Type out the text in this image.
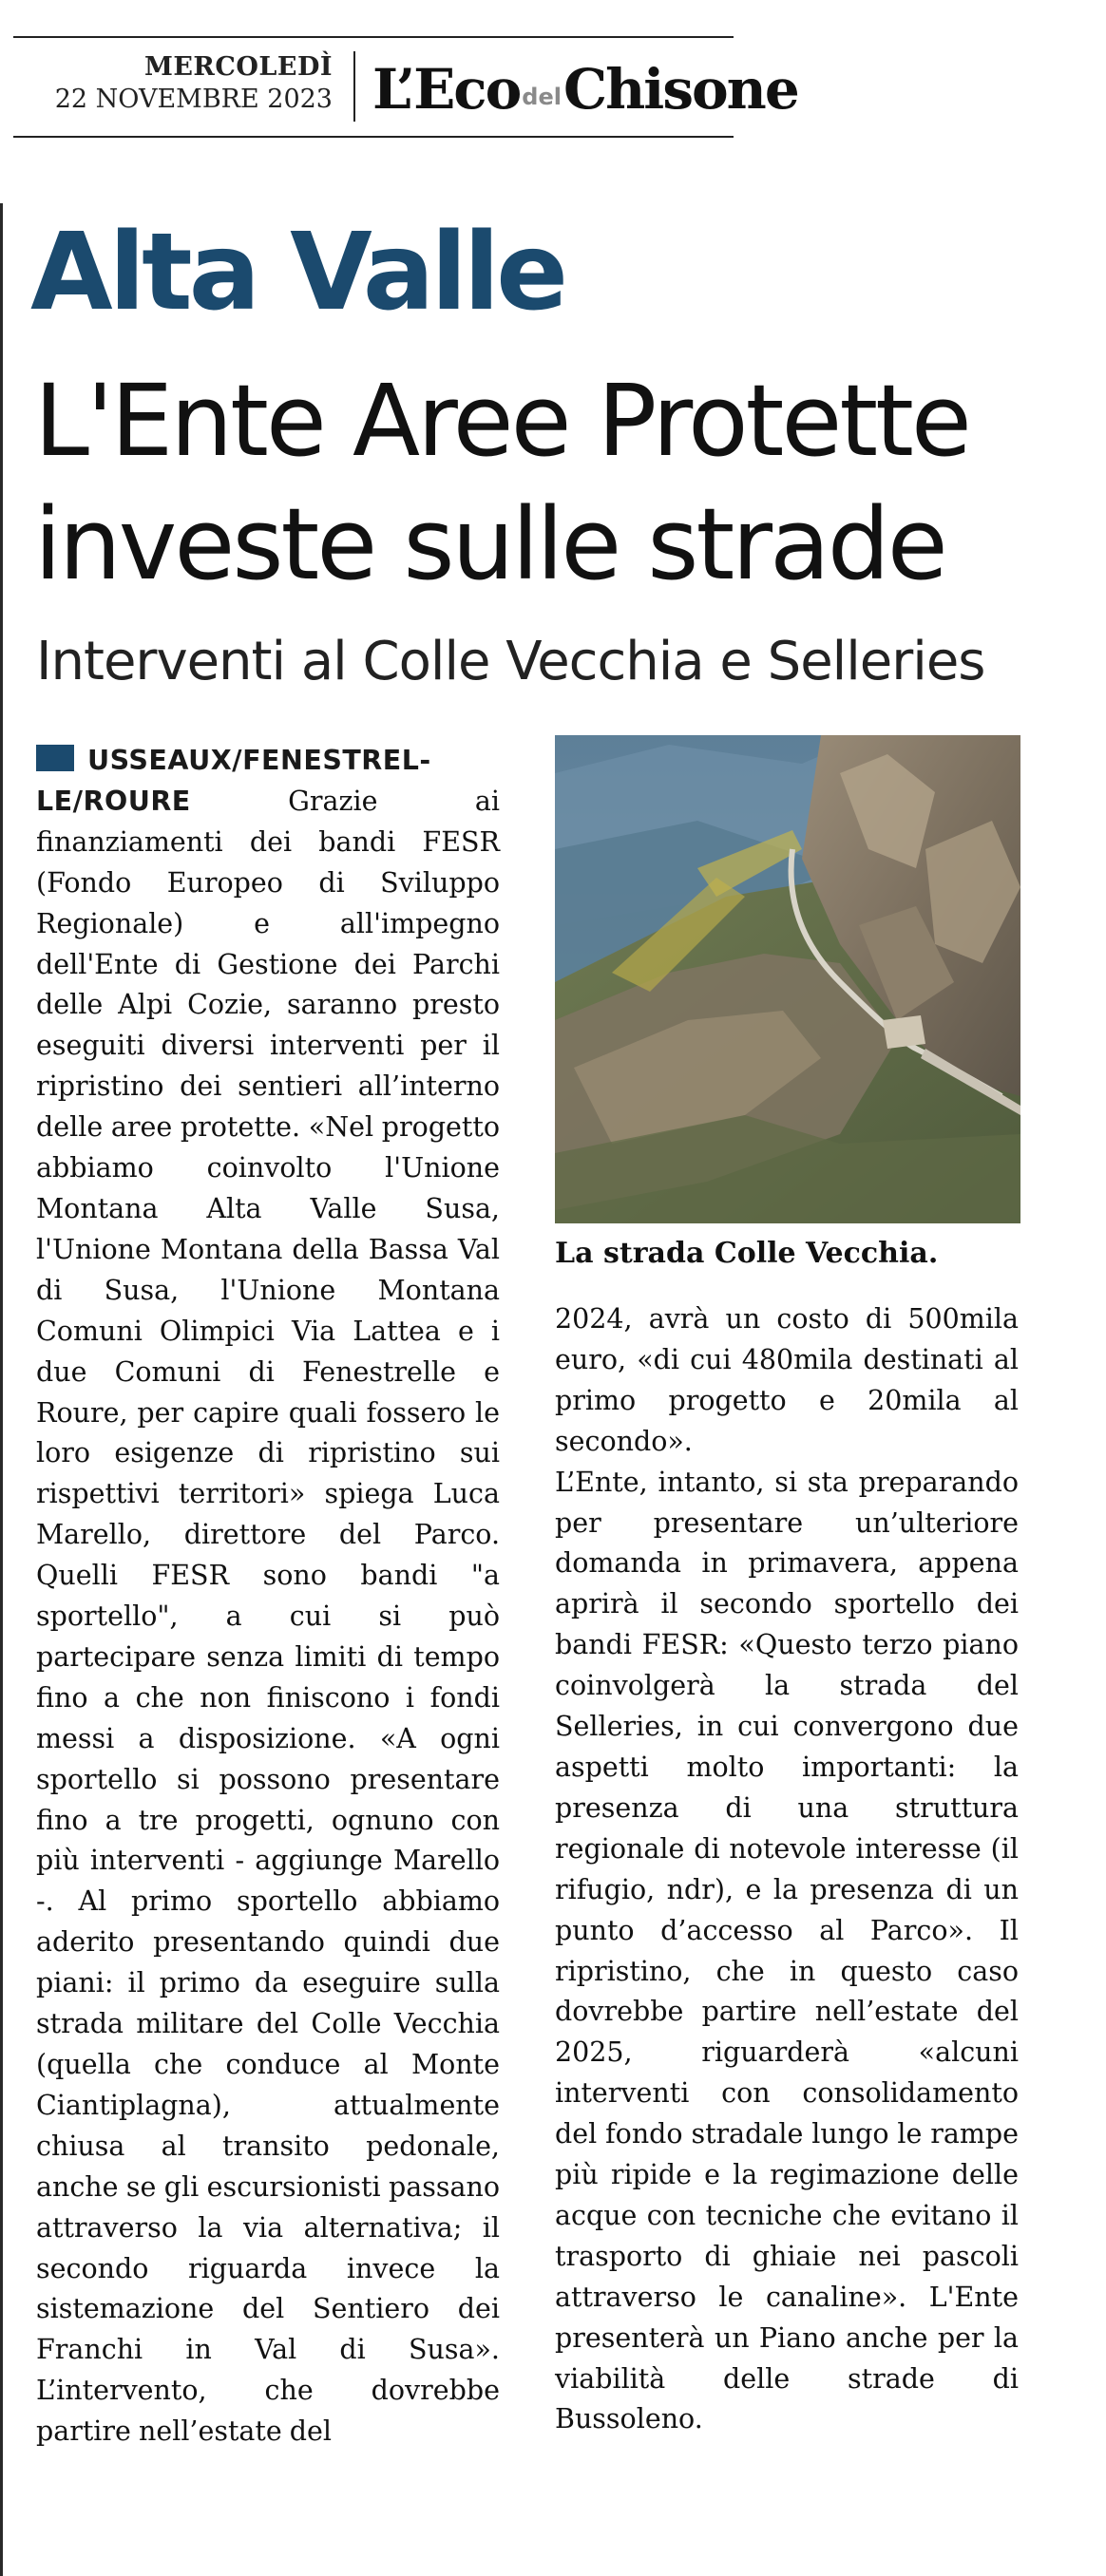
MERCOLEDÌ
22 NOVEMBRE 2023 L’EcodelChisone
Alta Valle
L'Ente Aree Protette investe sulle strade
Interventi al Colle Vecchia e Selleries

USSEAUX/FENESTRELLE/ROURE Grazie ai finanziamenti dei bandi FESR (Fondo Europeo di Sviluppo Regionale) e all'impegno dell'Ente di Gestione dei Parchi delle Alpi Cozie, saranno presto eseguiti diversi interventi per il ripristino dei sentieri all’interno delle aree protette. «Nel progetto abbiamo coinvolto l'Unione Montana Alta Valle Susa, l'Unione Montana della Bassa Val di Susa, l'Unione Montana Comuni Olimpici Via Lattea e i due Comuni di Fenestrelle e Roure, per capire quali fossero le loro esigenze di ripristino sui rispettivi territori» spiega Luca Marello, direttore del Parco. Quelli FESR sono bandi "a sportello", a cui si può partecipare senza limiti di tempo fino a che non finiscono i fondi messi a disposizione. «A ogni sportello si possono presentare fino a tre progetti, ognuno con più interventi - aggiunge Marello -. Al primo sportello abbiamo aderito presentando quindi due piani: il primo da eseguire sulla strada militare del Colle Vecchia (quella che conduce al Monte Ciantiplagna), attualmente chiusa al transito pedonale, anche se gli escursionisti passano attraverso la via alternativa; il secondo riguarda invece la sistemazione del Sentiero dei Franchi in Val di Susa». L’intervento, che dovrebbe partire nell’estate del

La strada Colle Vecchia.

2024, avrà un costo di 500mila euro, «di cui 480mila destinati al primo progetto e 20mila al secondo».

L’Ente, intanto, si sta preparando per presentare un’ulteriore domanda in primavera, appena aprirà il secondo sportello dei bandi FESR: «Questo terzo piano coinvolgerà la strada del Selleries, in cui convergono due aspetti molto importanti: la presenza di una struttura regionale di notevole interesse (il rifugio, ndr), e la presenza di un punto d’accesso al Parco». Il ripristino, che in questo caso dovrebbe partire nell’estate del 2025, riguarderà «alcuni interventi con consolidamento del fondo stradale lungo le rampe più ripide e la regimazione delle acque con tecniche che evitano il trasporto di ghiaie nei pascoli attraverso le canaline». L'Ente presenterà un Piano anche per la viabilità delle strade di Bussoleno.
